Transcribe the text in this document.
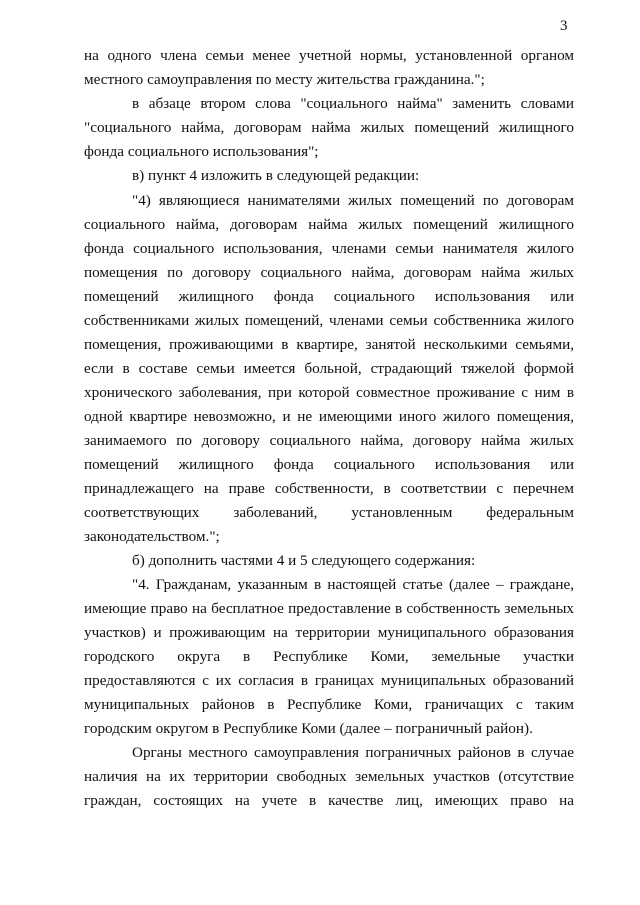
3
на одного члена семьи менее учетной нормы, установленной органом
местного самоуправления по месту жительства гражданина.";
в абзаце втором слова "социального найма" заменить словами
"социального найма, договорам найма жилых помещений жилищного
фонда социального использования";
в) пункт 4 изложить в следующей редакции:
"4) являющиеся нанимателями жилых помещений по договорам
социального найма, договорам найма жилых помещений жилищного
фонда социального использования, членами семьи нанимателя жилого
помещения по договору социального найма, договорам найма жилых
помещений жилищного фонда социального использования или
собственниками жилых помещений, членами семьи собственника жилого
помещения, проживающими в квартире, занятой несколькими семьями,
если в составе семьи имеется больной, страдающий тяжелой формой
хронического заболевания, при которой совместное проживание с ним в
одной квартире невозможно, и не имеющими иного жилого помещения,
занимаемого по договору социального найма, договору найма жилых
помещений жилищного фонда социального использования или
принадлежащего на праве собственности, в соответствии с перечнем
соответствующих заболеваний, установленным федеральным
законодательством.";
б) дополнить частями 4 и 5 следующего содержания:
"4. Гражданам, указанным в настоящей статье (далее – граждане,
имеющие право на бесплатное предоставление в собственность земельных
участков) и проживающим на территории муниципального образования
городского округа в Республике Коми, земельные участки
предоставляются с их согласия в границах муниципальных образований
муниципальных районов в Республике Коми, граничащих с таким
городским округом в Республике Коми (далее – пограничный район).
Органы местного самоуправления пограничных районов в случае
наличия на их территории свободных земельных участков (отсутствие
граждан, состоящих на учете в качестве лиц, имеющих право на
